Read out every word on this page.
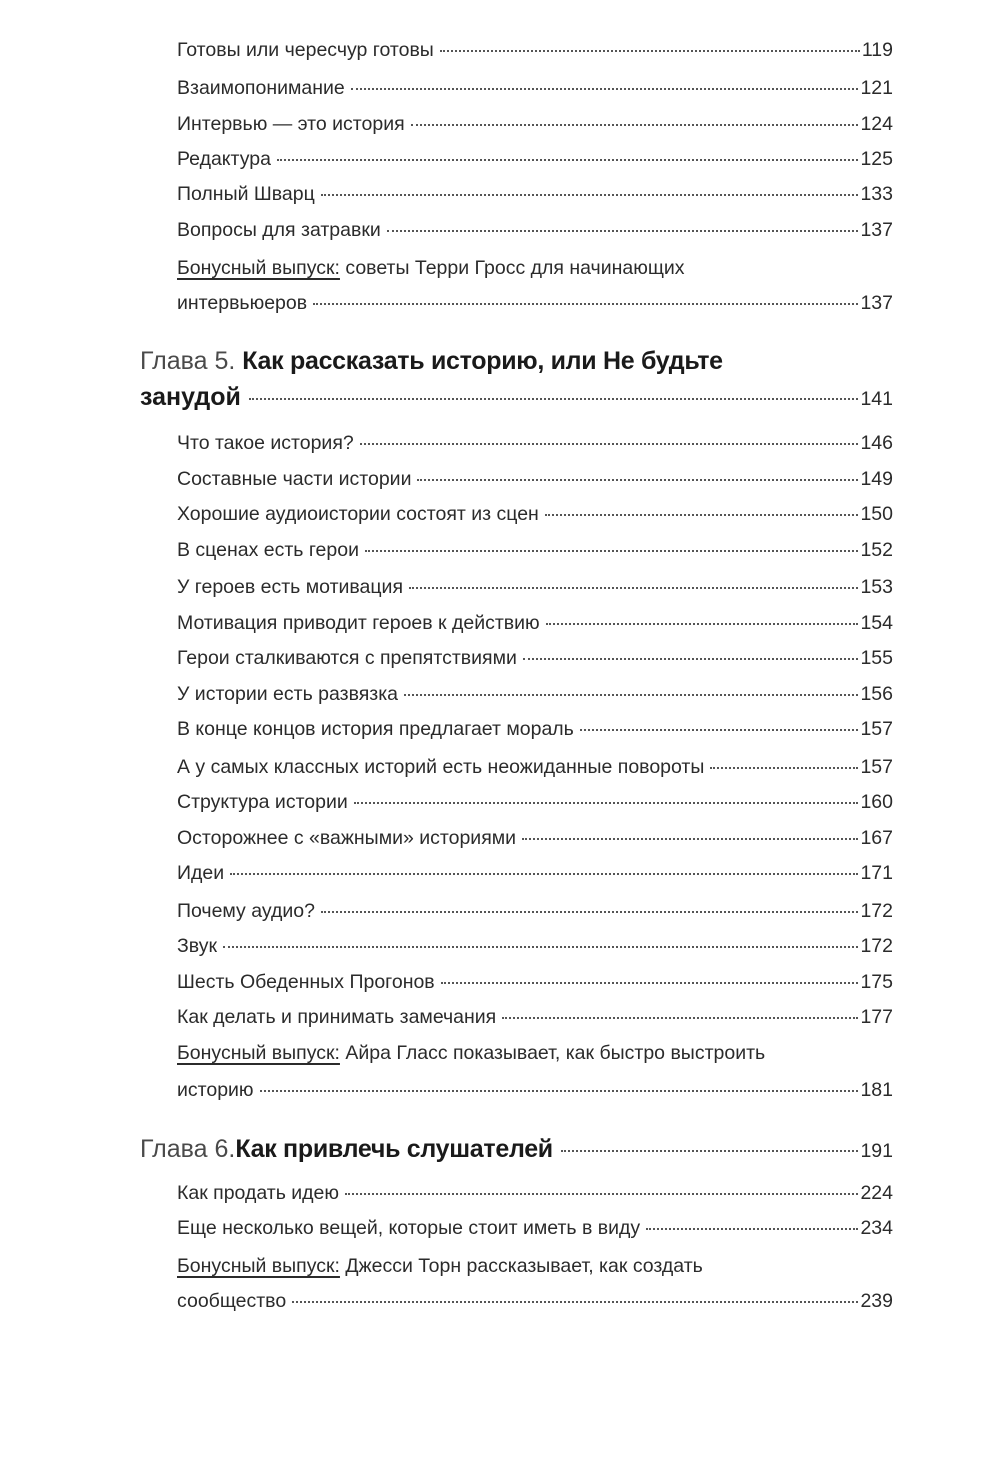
Готовы или чересчур готовы	119
Взаимопонимание	121
Интервью — это история	124
Редактура	125
Полный Шварц	133
Вопросы для затравки	137
Бонусный выпуск: советы Терри Гросс для начинающих
интервьюеров	137
Глава 5. Как рассказать историю, или Не будьте
занудой	141
Что такое история?	146
Составные части истории	149
Хорошие аудиоистории состоят из сцен	150
В сценах есть герои	152
У героев есть мотивация	153
Мотивация приводит героев к действию	154
Герои сталкиваются с препятствиями	155
У истории есть развязка	156
В конце концов история предлагает мораль	157
А у самых классных историй есть неожиданные повороты	157
Структура истории	160
Осторожнее с «важными» историями	167
Идеи	171
Почему аудио?	172
Звук	172
Шесть Обеденных Прогонов	175
Как делать и принимать замечания	177
Бонусный выпуск: Айра Гласс показывает, как быстро выстроить
историю	181
Глава 6. Как привлечь слушателей	191
Как продать идею	224
Еще несколько вещей, которые стоит иметь в виду	234
Бонусный выпуск: Джесси Торн рассказывает, как создать
сообщество	239
